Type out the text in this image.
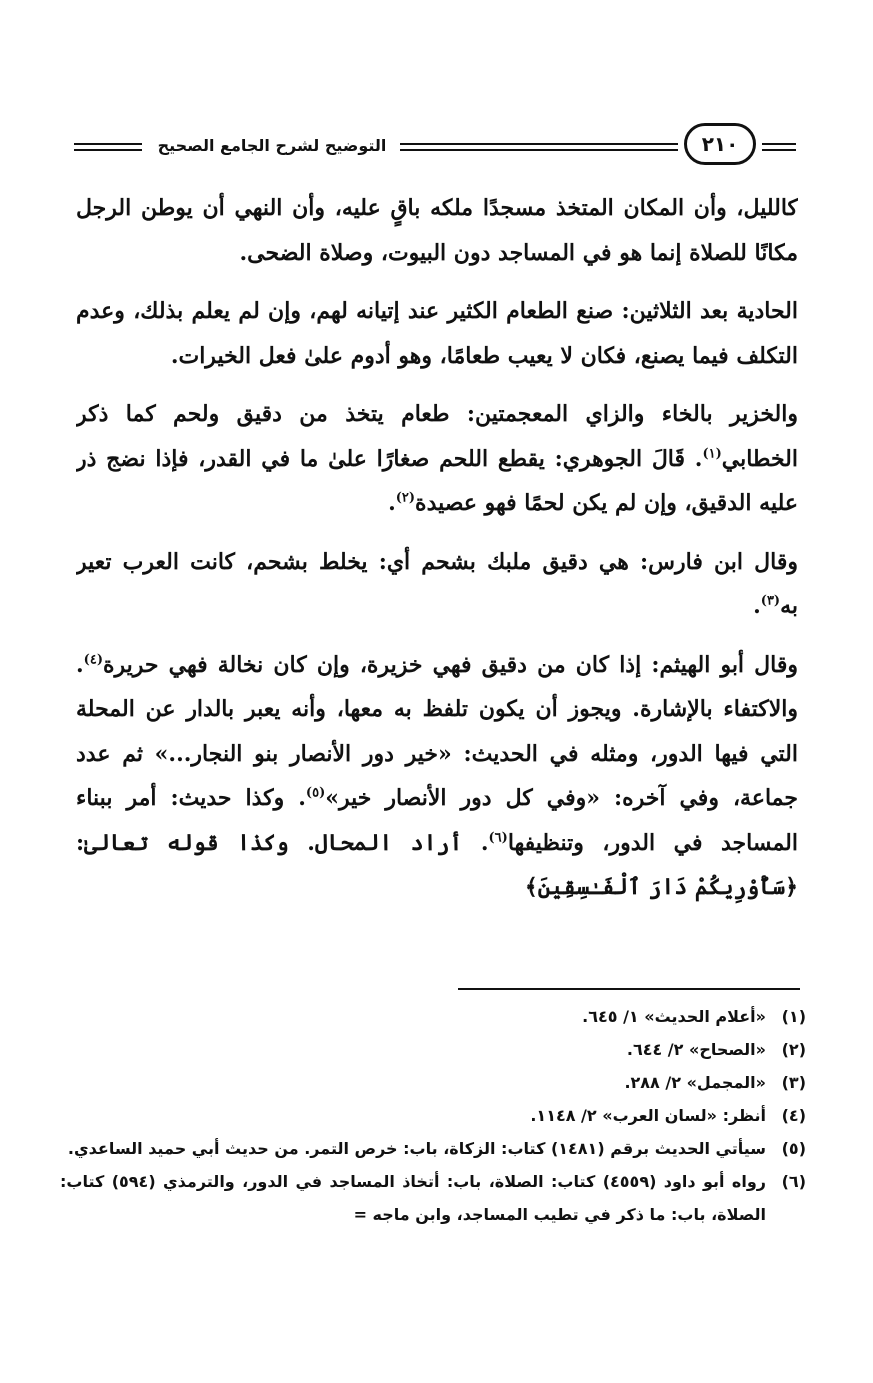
التوضيح لشرح الجامع الصحيح	٢١٠

كالليل، وأن المكان المتخذ مسجدًا ملكه باقٍ عليه، وأن النهي أن يوطن الرجل مكانًا للصلاة إنما هو في المساجد دون البيوت، وصلاة الضحى.

الحادية بعد الثلاثين: صنع الطعام الكثير عند إتيانه لهم، وإن لم يعلم بذلك، وعدم التكلف فيما يصنع، فكان لا يعيب طعامًا، وهو أدوم علىٰ فعل الخيرات.

والخزير بالخاء والزاي المعجمتين: طعام يتخذ من دقيق ولحم كما ذكر الخطابي$^{(١)}$. قَالَ الجوهري: يقطع اللحم صغارًا علىٰ ما في القدر، فإذا نضج ذر عليه الدقيق، وإن لم يكن لحمًا فهو عصيدة$^{(٢)}$.

وقال ابن فارس: هي دقيق ملبك بشحم أي: يخلط بشحم، كانت العرب تعير به$^{(٣)}$.

وقال أبو الهيثم: إذا كان من دقيق فهي خزيرة، وإن كان نخالة فهي حريرة$^{(٤)}$. والاكتفاء بالإشارة. ويجوز أن يكون تلفظ به معها، وأنه يعبر بالدار عن المحلة التي فيها الدور، ومثله في الحديث: «خير دور الأنصار بنو النجار...» ثم عدد جماعة، وفي آخره: «وفي كل دور الأنصار خير»$^{(٥)}$. وكذا حديث: أمر ببناء المساجد في الدور، وتنظيفها$^{(٦)}$. أراد المحال. وكذا قوله تعالىٰ: ﴿سَأُوْرِيكُمْ دَارَ ٱلْفَـٰسِقِينَ﴾

(١)
«أعلام الحديث» ١/ ٦٤٥.
(٢)
«الصحاح» ٢/ ٦٤٤.
(٣)
«المجمل» ٢/ ٢٨٨.
(٤)
أنظر: «لسان العرب» ٢/ ١١٤٨.
(٥)
سيأتي الحديث برقم (١٤٨١) كتاب: الزكاة، باب: خرص التمر. من حديث أبي حميد الساعدي.
(٦)
رواه أبو داود (٤٥٥٩) كتاب: الصلاة، باب: أتخاذ المساجد في الدور، والترمذي (٥٩٤) كتاب: الصلاة، باب: ما ذكر في تطيب المساجد، وابن ماجه =
